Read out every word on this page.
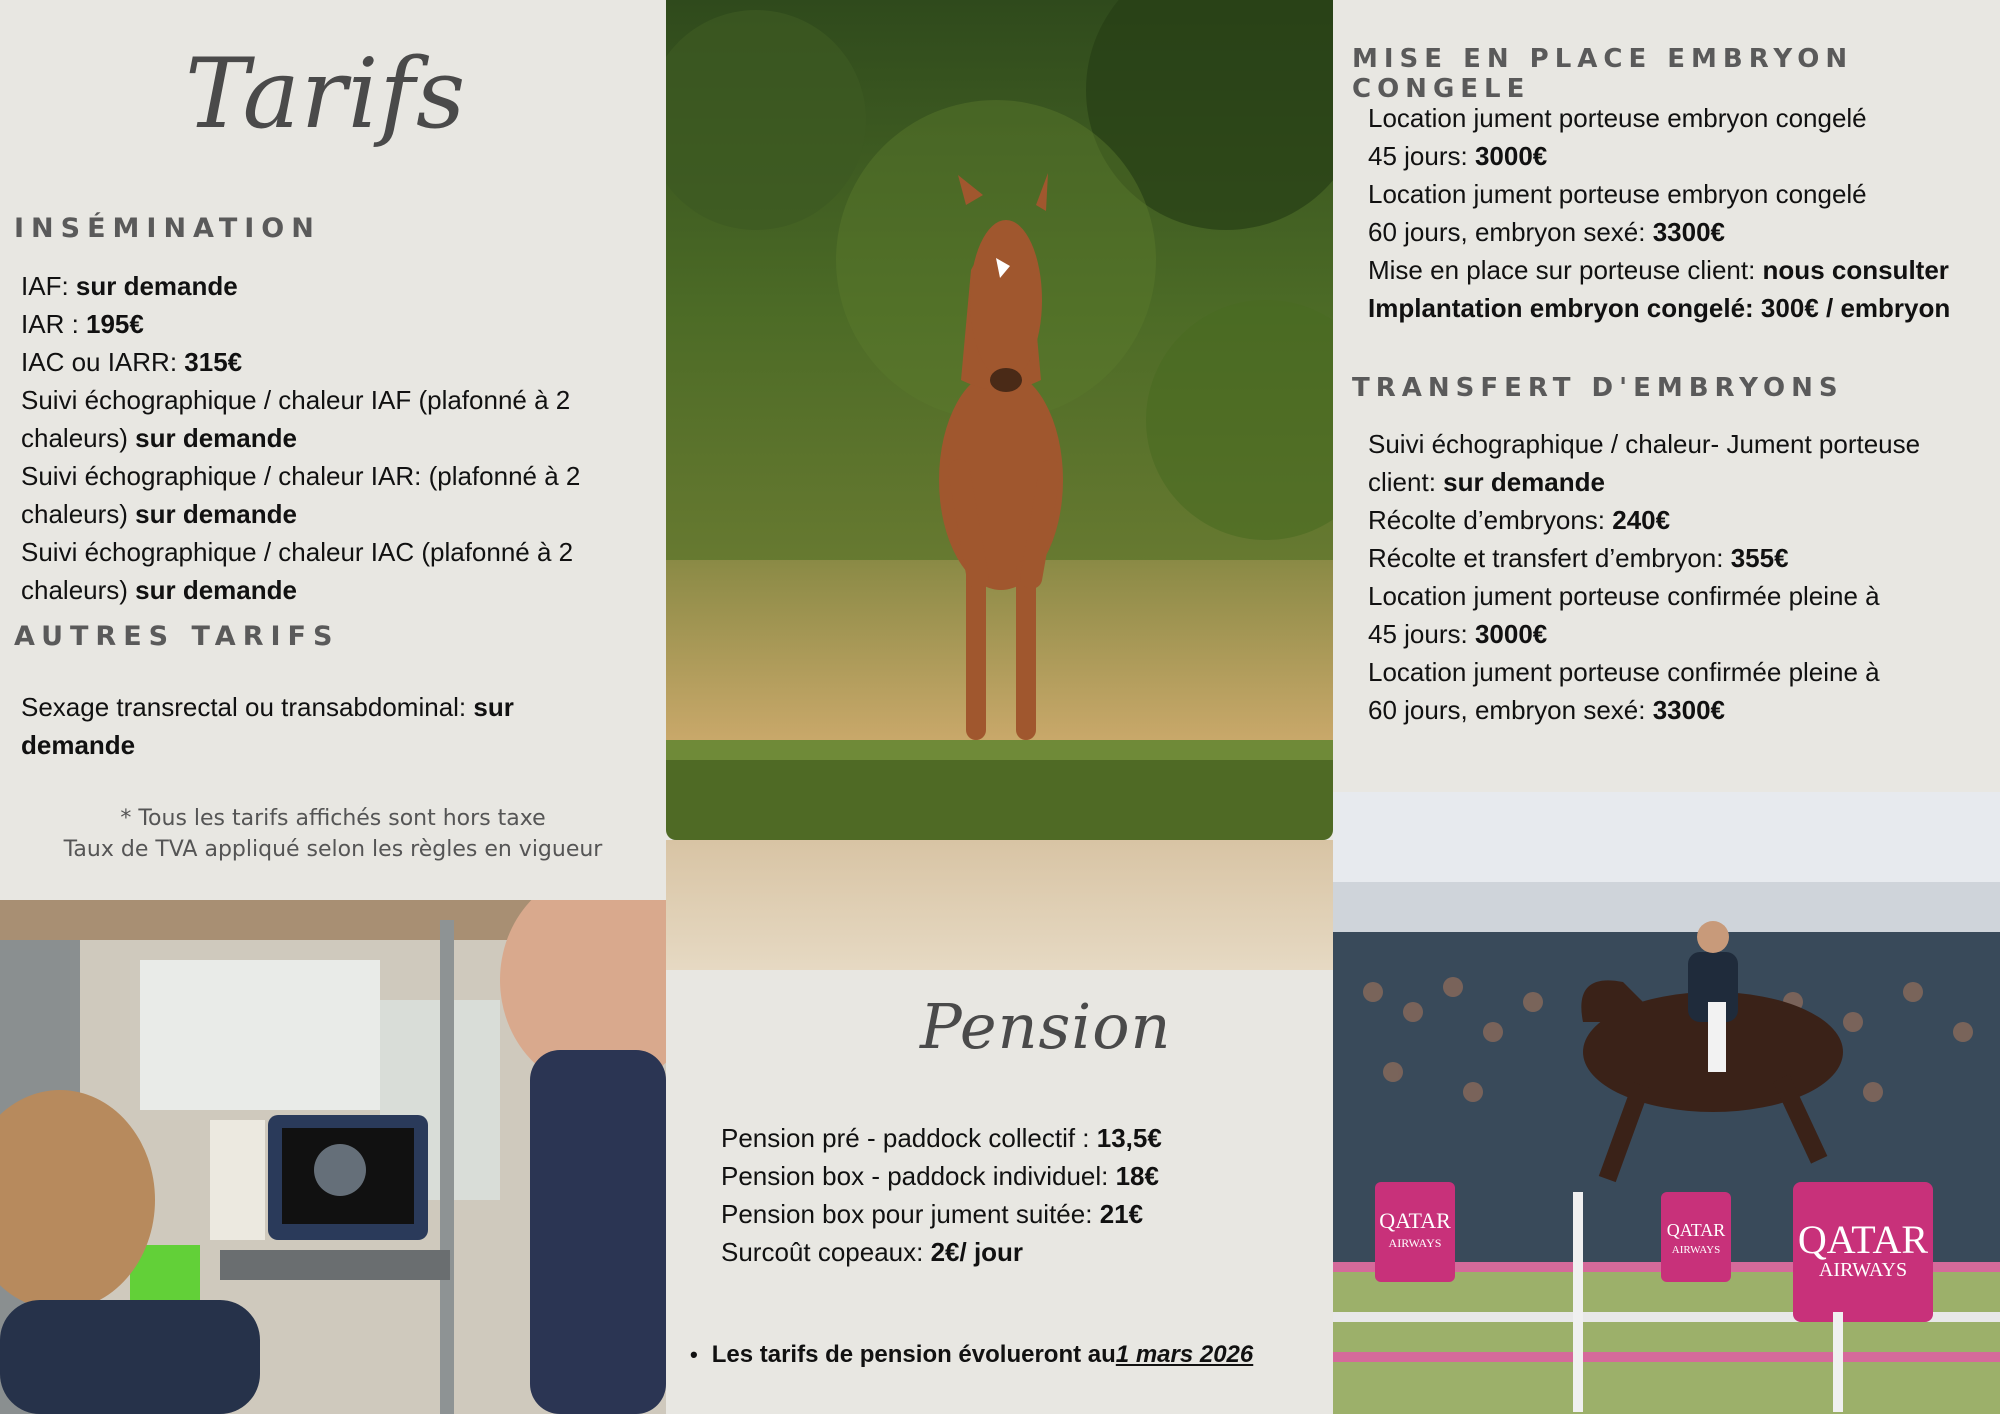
Tarifs
INSÉMINATION
IAF: sur demande
IAR : 195€
IAC ou IARR: 315€
Suivi échographique / chaleur IAF (plafonné à 2
chaleurs) sur demande
Suivi échographique / chaleur IAR: (plafonné à 2
chaleurs) sur demande
Suivi échographique / chaleur IAC (plafonné à 2
chaleurs) sur demande
AUTRES TARIFS
Sexage transrectal ou transabdominal: sur
demande
* Tous les tarifs affichés sont hors taxe
Taux de TVA appliqué selon les règles en vigueur
MISE EN PLACE EMBRYON CONGELE
Location jument porteuse embryon congelé
45 jours: 3000€
Location jument porteuse embryon congelé
60 jours, embryon sexé: 3300€
Mise en place sur porteuse client: nous consulter
Implantation embryon congelé: 300€ / embryon
TRANSFERT D'EMBRYONS
Suivi échographique / chaleur- Jument porteuse
client: sur demande
Récolte d’embryons: 240€
Récolte et transfert d’embryon: 355€
Location jument porteuse confirmée pleine à
45 jours: 3000€
Location jument porteuse confirmée pleine à
60 jours, embryon sexé: 3300€
Pension
Pension pré - paddock collectif : 13,5€
Pension box - paddock individuel: 18€
Pension box pour jument suitée: 21€
Surcoût copeaux: 2€/ jour
• Les tarifs de pension évolueront au 1 mars 2026
QATAR
AIRWAYS
QATAR
AIRWAYS QATAR
AIRWAYS
